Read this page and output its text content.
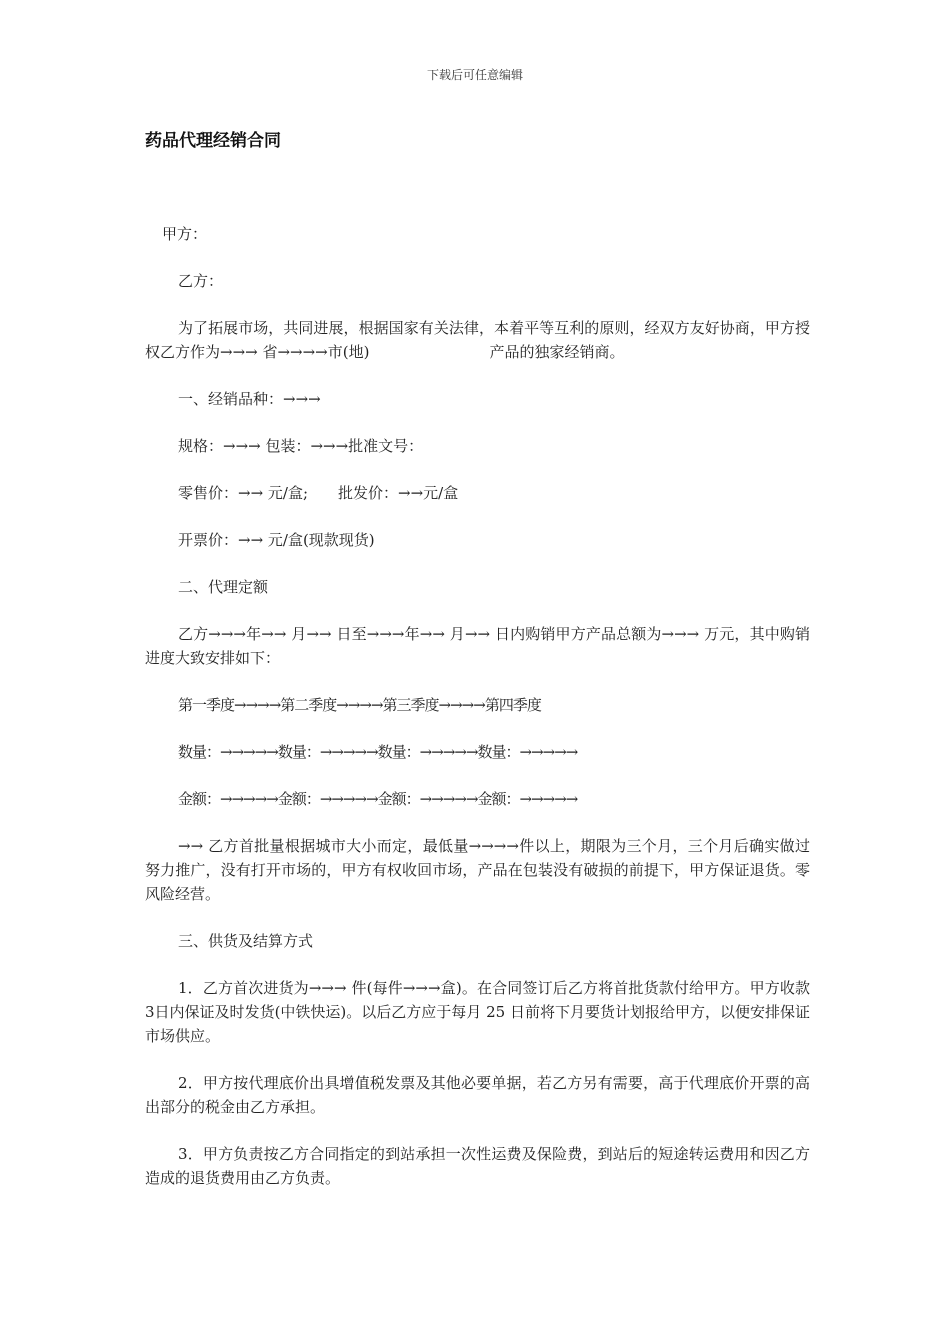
下载后可任意编辑
药品代理经销合同

甲方：

乙方：

为了拓展市场，共同进展，根据国家有关法律，本着平等互利的原则，经双方友好协商，甲方授权乙方作为→→→ 省→→→→市(地)　　　　　　　　产品的独家经销商。

一、经销品种：→→→

规格：→→→ 包装：→→→批准文号：

零售价：→→ 元/盒;　　批发价：→→元/盒

开票价：→→ 元/盒(现款现货)

二、代理定额

乙方→→→年→→ 月→→ 日至→→→年→→ 月→→ 日内购销甲方产品总额为→→→ 万元，其中购销进度大致安排如下：

第一季度→→→→第二季度→→→→第三季度→→→→第四季度

数量：→→→→→数量：→→→→→数量：→→→→→数量：→→→→→

金额：→→→→→金额：→→→→→金额：→→→→→金额：→→→→→

→→ 乙方首批量根据城市大小而定，最低量→→→→件以上，期限为三个月，三个月后确实做过努力推广，没有打开市场的，甲方有权收回市场，产品在包装没有破损的前提下，甲方保证退货。零风险经营。

三、供货及结算方式

1．乙方首次进货为→→→ 件(每件→→→盒)。在合同签订后乙方将首批货款付给甲方。甲方收款3日内保证及时发货(中铁快运)。以后乙方应于每月 25 日前将下月要货计划报给甲方，以便安排保证市场供应。

2．甲方按代理底价出具增值税发票及其他必要单据，若乙方另有需要，高于代理底价开票的高出部分的税金由乙方承担。

3．甲方负责按乙方合同指定的到站承担一次性运费及保险费，到站后的短途转运费用和因乙方造成的退货费用由乙方负责。
